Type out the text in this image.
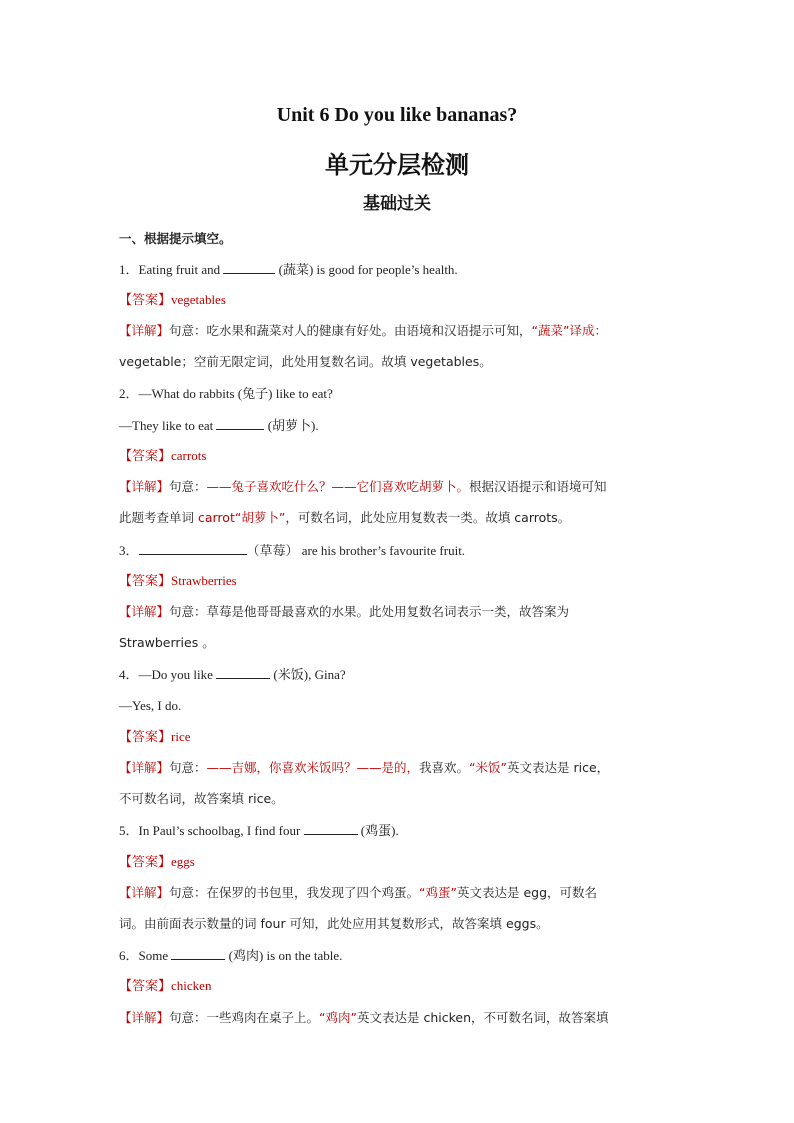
Unit 6 Do you like bananas?
单元分层检测
基础过关
一、根据提示填空。
1．Eating fruit and	(蔬菜) is good for people’s health.
【答案】vegetables
【详解】句意：吃水果和蔬菜对人的健康有好处。由语境和汉语提示可知，“蔬菜”译成：
vegetable；空前无限定词，此处用复数名词。故填 vegetables。
2．—What do rabbits (兔子) like to eat?
—They like to eat	(胡萝卜).
【答案】carrots
【详解】句意：——兔子喜欢吃什么？——它们喜欢吃胡萝卜。根据汉语提示和语境可知
此题考查单词 carrot“胡萝卜”，可数名词，此处应用复数表一类。故填 carrots。
3．	（草莓） are his brother’s favourite fruit.
【答案】Strawberries
【详解】句意：草莓是他哥哥最喜欢的水果。此处用复数名词表示一类，故答案为
Strawberries 。
4．—Do you like	(米饭), Gina?
—Yes, I do.
【答案】rice
【详解】句意：——吉娜，你喜欢米饭吗？——是的，我喜欢。“米饭”英文表达是 rice，
不可数名词，故答案填 rice。
5．In Paul’s schoolbag, I find four	(鸡蛋).
【答案】eggs
【详解】句意：在保罗的书包里，我发现了四个鸡蛋。“鸡蛋”英文表达是 egg，可数名
词。由前面表示数量的词 four 可知，此处应用其复数形式，故答案填 eggs。
6．Some	(鸡肉) is on the table.
【答案】chicken
【详解】句意：一些鸡肉在桌子上。“鸡肉”英文表达是 chicken，不可数名词，故答案填
